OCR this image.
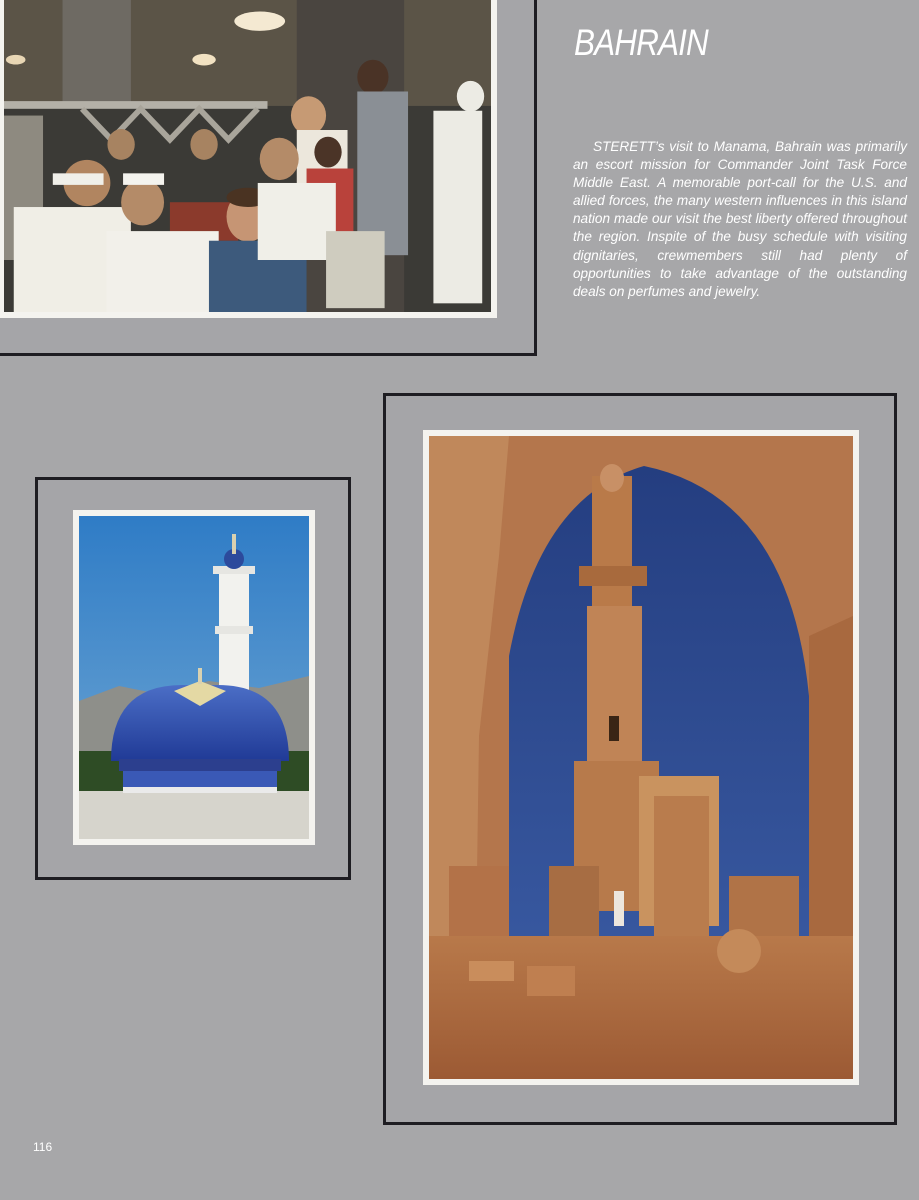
BAHRAIN

STERETT’s visit to Manama, Bahrain was primarily an escort mission for Commander Joint Task Force Middle East. A memorable port-call for the U.S. and allied forces, the many western influences in this island nation made our visit the best liberty offered throughout the region. Inspite of the busy schedule with visiting dignitaries, crewmembers still had plenty of opportunities to take advantage of the outstanding deals on perfumes and jewelry.

116
